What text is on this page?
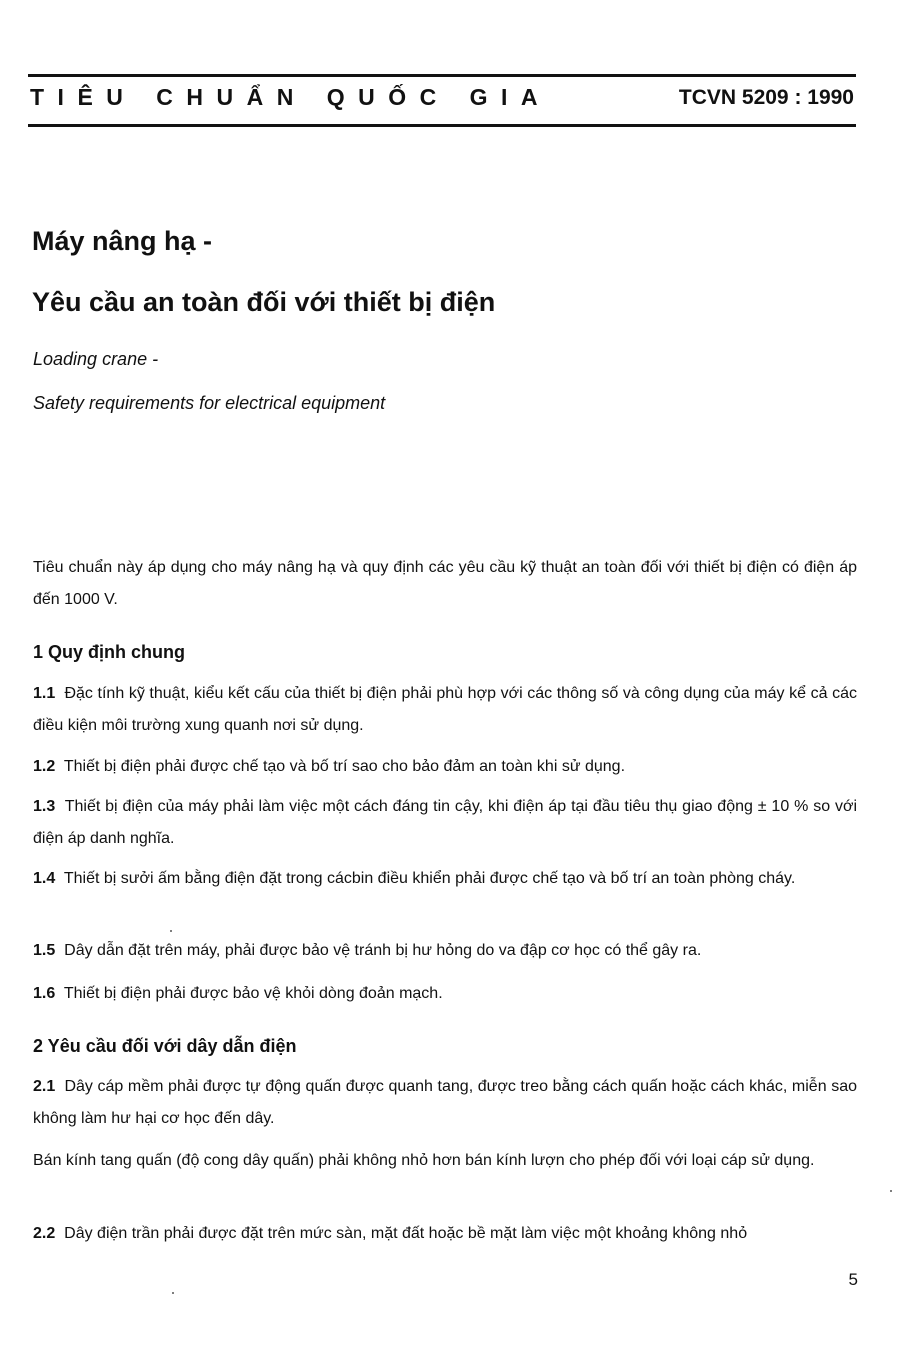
TIÊU CHUẨN QUỐC GIA	TCVN 5209 : 1990
Máy nâng hạ -
Yêu cầu an toàn đối với thiết bị điện
Loading crane -
Safety requirements for electrical equipment
Tiêu chuẩn này áp dụng cho máy nâng hạ và quy định các yêu cầu kỹ thuật an toàn đối với thiết bị điện có điện áp đến 1000 V.
1 Quy định chung
1.1 Đặc tính kỹ thuật, kiểu kết cấu của thiết bị điện phải phù hợp với các thông số và công dụng của máy kể cả các điều kiện môi trường xung quanh nơi sử dụng.
1.2 Thiết bị điện phải được chế tạo và bố trí sao cho bảo đảm an toàn khi sử dụng.
1.3 Thiết bị điện của máy phải làm việc một cách đáng tin cậy, khi điện áp tại đầu tiêu thụ giao động ± 10 % so với điện áp danh nghĩa.
1.4 Thiết bị sưởi ấm bằng điện đặt trong cácbin điều khiển phải được chế tạo và bố trí an toàn phòng cháy.
1.5 Dây dẫn đặt trên máy, phải được bảo vệ tránh bị hư hỏng do va đập cơ học có thể gây ra.
1.6 Thiết bị điện phải được bảo vệ khỏi dòng đoản mạch.
2 Yêu cầu đối với dây dẫn điện
2.1 Dây cáp mềm phải được tự động quấn được quanh tang, được treo bằng cách quấn hoặc cách khác, miễn sao không làm hư hại cơ học đến dây.
Bán kính tang quấn (độ cong dây quấn) phải không nhỏ hơn bán kính lượn cho phép đối với loại cáp sử dụng.
2.2 Dây điện trần phải được đặt trên mức sàn, mặt đất hoặc bề mặt làm việc một khoảng không nhỏ
5
